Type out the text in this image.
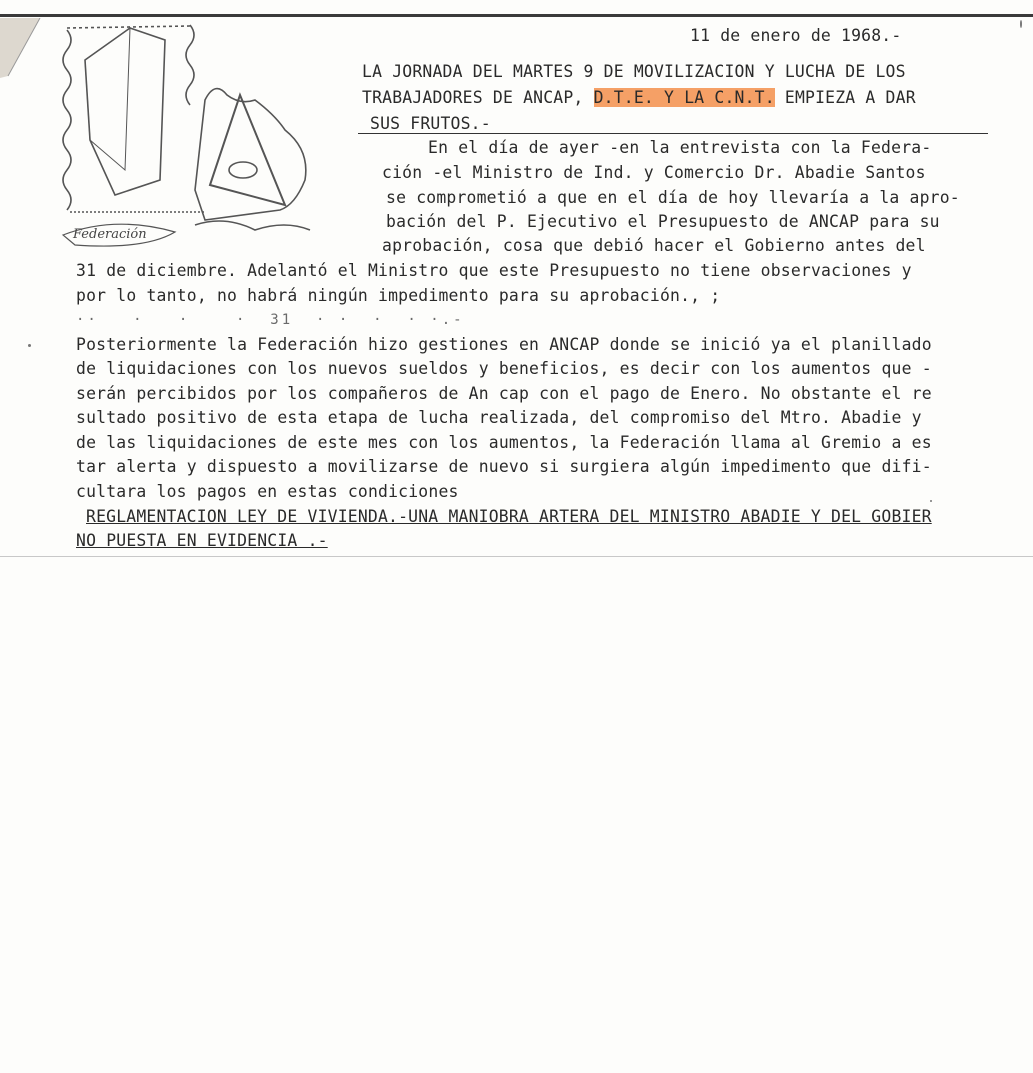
Federación
11 de enero de 1968.-
LA JORNADA DEL MARTES 9 DE MOVILIZACION Y LUCHA DE LOS
TRABAJADORES DE ANCAP, D.T.E. Y LA C.N.T. EMPIEZA A DAR
SUS FRUTOS.-
En el día de ayer -en la entrevista con la Federa-
ción -el Ministro de Ind. y Comercio Dr. Abadie Santos
se comprometió a que en el día de hoy llevaría a la apro-
bación del P. Ejecutivo el Presupuesto de ANCAP para su
aprobación, cosa que debió hacer el Gobierno antes del
31 de diciembre. Adelantó el Ministro que este Presupuesto no tiene observaciones y
por lo tanto, no habrá ningún impedimento para su aprobación., ;
··   ·   ·    ·  31  · ·  ·  · ·.-
Posteriormente la Federación hizo gestiones en ANCAP donde se inició ya el planillado
de liquidaciones con los nuevos sueldos y beneficios, es decir con los aumentos que -
serán percibidos por los compañeros de An cap con el pago de Enero. No obstante el re
sultado positivo de esta etapa de lucha realizada, del compromiso del Mtro. Abadie y
de las liquidaciones de este mes con los aumentos, la Federación llama al Gremio a es
tar alerta y dispuesto a movilizarse de nuevo si surgiera algún impedimento que difi-
cultara los pagos en estas condiciones
REGLAMENTACION LEY DE VIVIENDA.-UNA MANIOBRA ARTERA DEL MINISTRO ABADIE Y DEL GOBIER
NO PUESTA EN EVIDENCIA .-
